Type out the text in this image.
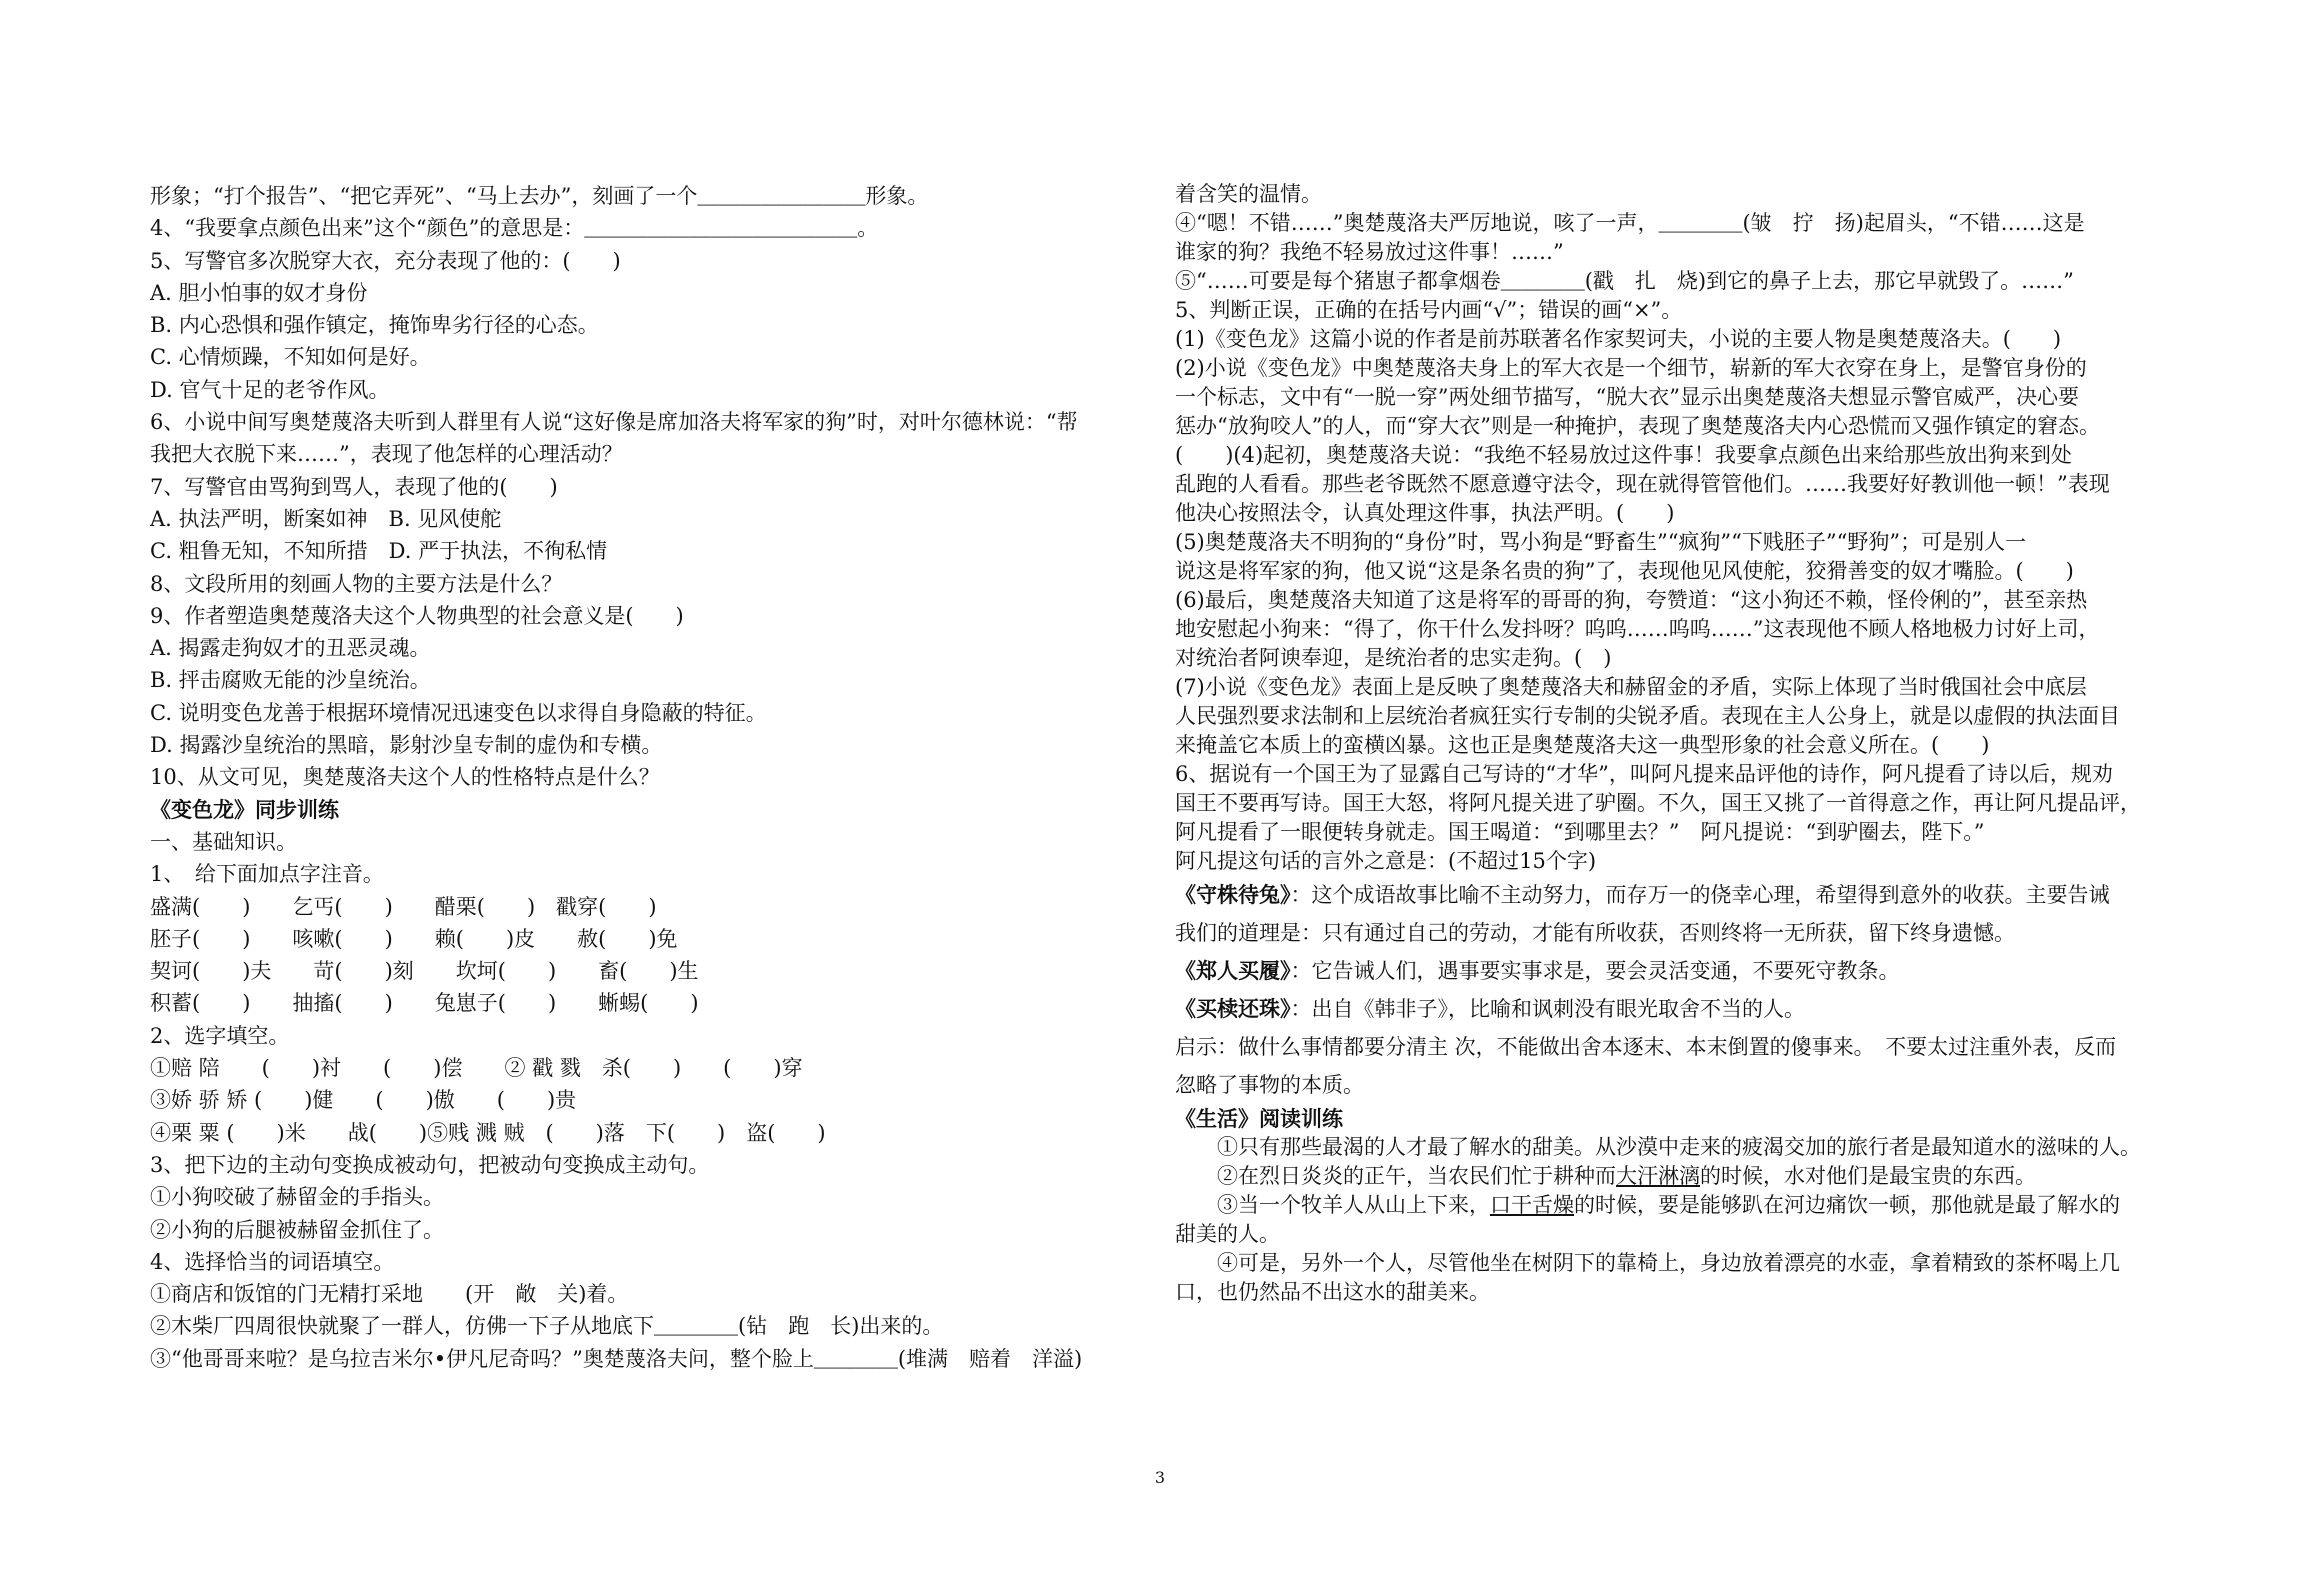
形象；“打个报告”、“把它弄死”、“马上去办”，刻画了一个＿＿＿＿＿＿＿＿形象。
4、“我要拿点颜色出来”这个“颜色”的意思是：＿＿＿＿＿＿＿＿＿＿＿＿＿。
5、写警官多次脱穿大衣，充分表现了他的：(　　)
A. 胆小怕事的奴才身份
B. 内心恐惧和强作镇定，掩饰卑劣行径的心态。
C. 心情烦躁，不知如何是好。
D. 官气十足的老爷作风。
6、小说中间写奥楚蔑洛夫听到人群里有人说“这好像是席加洛夫将军家的狗”时，对叶尔德林说：“帮
我把大衣脱下来……”，表现了他怎样的心理活动？
7、写警官由骂狗到骂人，表现了他的(　　)
A. 执法严明，断案如神　B. 见风使舵
C. 粗鲁无知，不知所措　D. 严于执法，不徇私情
8、文段所用的刻画人物的主要方法是什么？
9、作者塑造奥楚蔑洛夫这个人物典型的社会意义是(　　)
A. 揭露走狗奴才的丑恶灵魂。
B. 抨击腐败无能的沙皇统治。
C. 说明变色龙善于根据环境情况迅速变色以求得自身隐蔽的特征。
D. 揭露沙皇统治的黑暗，影射沙皇专制的虚伪和专横。
10、从文可见，奥楚蔑洛夫这个人的性格特点是什么？
《变色龙》同步训练
一、基础知识。
1、　给下面加点字注音。
盛满(　　)　　乞丐(　　)　　醋栗(　　)　戳穿(　　)
胚子(　　)　　咳嗽(　　)　　赖(　　)皮　　赦(　　)免
契诃(　　)夫　　苛(　　)刻　　坎坷(　　)　　畜(　　)生
积蓄(　　)　　抽搐(　　)　　兔崽子(　　)　　蜥蜴(　　)
2、选字填空。
①赔 陪　　(　　)衬　　(　　)偿　　② 戳 戮　杀(　　)　　(　　)穿
③娇 骄 矫 (　　)健　　(　　)傲　　(　　)贵
④栗 粟 (　　)米　　战(　　)⑤贱 溅 贼　(　　)落　下(　　)　盗(　　)
3、把下边的主动句变换成被动句，把被动句变换成主动句。
①小狗咬破了赫留金的手指头。
②小狗的后腿被赫留金抓住了。
4、选择恰当的词语填空。
①商店和饭馆的门无精打采地　　(开　敞　关)着。
②木柴厂四周很快就聚了一群人，仿佛一下子从地底下＿＿＿＿(钻　跑　长)出来的。
③“他哥哥来啦？是乌拉吉米尔•伊凡尼奇吗？”奥楚蔑洛夫问，整个脸上＿＿＿＿(堆满　赔着　洋溢)
着含笑的温情。
④“嗯！不错……”奥楚蔑洛夫严厉地说，咳了一声，＿＿＿＿(皱　拧　扬)起眉头，“不错……这是
谁家的狗？我绝不轻易放过这件事！……”
⑤“……可要是每个猪崽子都拿烟卷＿＿＿＿(戳　扎　烧)到它的鼻子上去，那它早就毁了。……”
5、判断正误，正确的在括号内画“√”；错误的画“×”。
(1)《变色龙》这篇小说的作者是前苏联著名作家契诃夫，小说的主要人物是奥楚蔑洛夫。(　　)
(2)小说《变色龙》中奥楚蔑洛夫身上的军大衣是一个细节，崭新的军大衣穿在身上，是警官身份的
一个标志，文中有“一脱一穿”两处细节描写，“脱大衣”显示出奥楚蔑洛夫想显示警官威严，决心要
惩办“放狗咬人”的人，而“穿大衣”则是一种掩护，表现了奥楚蔑洛夫内心恐慌而又强作镇定的窘态。
(　　)(4)起初，奥楚蔑洛夫说：“我绝不轻易放过这件事！我要拿点颜色出来给那些放出狗来到处
乱跑的人看看。那些老爷既然不愿意遵守法令，现在就得管管他们。……我要好好教训他一顿！”表现
他决心按照法令，认真处理这件事，执法严明。(　　)
(5)奥楚蔑洛夫不明狗的“身份”时，骂小狗是“野畜生”“疯狗”“下贱胚子”“野狗”；可是别人一
说这是将军家的狗，他又说“这是条名贵的狗”了，表现他见风使舵，狡猾善变的奴才嘴脸。(　　)
(6)最后，奥楚蔑洛夫知道了这是将军的哥哥的狗，夸赞道：“这小狗还不赖，怪伶俐的”，甚至亲热
地安慰起小狗来：“得了，你干什么发抖呀？呜呜……呜呜……”这表现他不顾人格地极力讨好上司，
对统治者阿谀奉迎，是统治者的忠实走狗。(　)
(7)小说《变色龙》表面上是反映了奥楚蔑洛夫和赫留金的矛盾，实际上体现了当时俄国社会中底层
人民强烈要求法制和上层统治者疯狂实行专制的尖锐矛盾。表现在主人公身上，就是以虚假的执法面目
来掩盖它本质上的蛮横凶暴。这也正是奥楚蔑洛夫这一典型形象的社会意义所在。(　　)
6、据说有一个国王为了显露自己写诗的“才华”，叫阿凡提来品评他的诗作，阿凡提看了诗以后，规劝
国王不要再写诗。国王大怒，将阿凡提关进了驴圈。不久，国王又挑了一首得意之作，再让阿凡提品评，
阿凡提看了一眼便转身就走。国王喝道：“到哪里去？”　阿凡提说：“到驴圈去，陛下。”
阿凡提这句话的言外之意是：(不超过15个字)
《守株待兔》：这个成语故事比喻不主动努力，而存万一的侥幸心理，希望得到意外的收获。主要告诫
我们的道理是：只有通过自己的劳动，才能有所收获，否则终将一无所获，留下终身遗憾。
《郑人买履》：它告诫人们，遇事要实事求是，要会灵活变通，不要死守教条。
《买椟还珠》：出自《韩非子》，比喻和讽刺没有眼光取舍不当的人。
启示：做什么事情都要分清主 次，不能做出舍本逐末、本末倒置的傻事来。　不要太过注重外表，反而
忽略了事物的本质。
《生活》阅读训练
　　①只有那些最渴的人才最了解水的甜美。从沙漠中走来的疲渴交加的旅行者是最知道水的滋味的人。
　　②在烈日炎炎的正午，当农民们忙于耕种而大汗淋漓的时候，水对他们是最宝贵的东西。
　　③当一个牧羊人从山上下来，口干舌燥的时候，要是能够趴在河边痛饮一顿，那他就是最了解水的
甜美的人。
　　④可是，另外一个人，尽管他坐在树阴下的靠椅上，身边放着漂亮的水壶，拿着精致的茶杯喝上几
口，也仍然品不出这水的甜美来。
3
